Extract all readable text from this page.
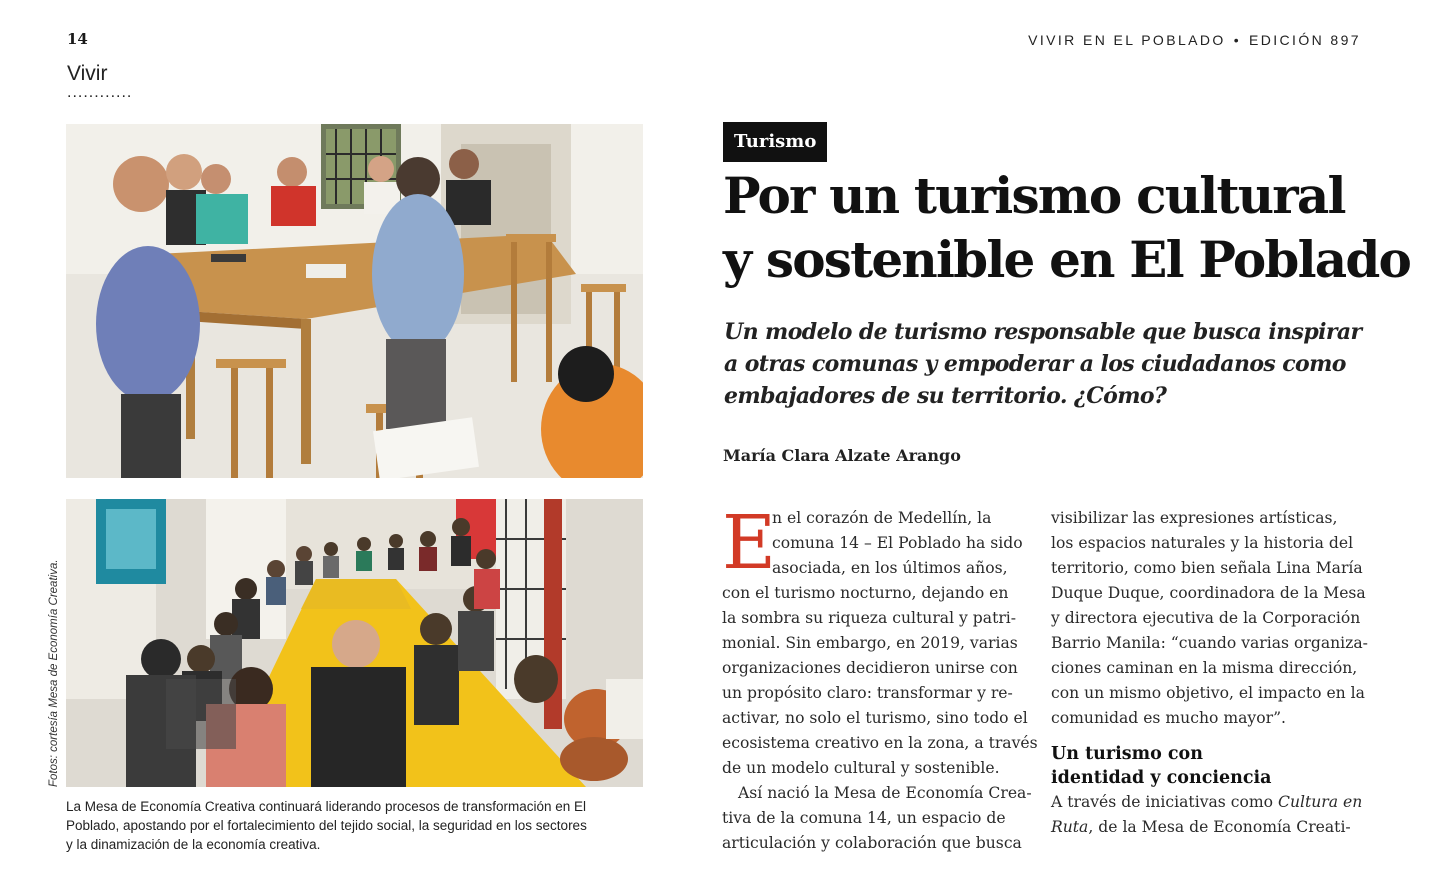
14
Vivir
............
VIVIR EN EL POBLADO • EDICIÓN 897
Fotos: cortesía Mesa de Economía Creativa.
La Mesa de Economía Creativa continuará liderando procesos de transformación en El
Poblado, apostando por el fortalecimiento del tejido social, la seguridad en los sectores
y la dinamización de la economía creativa.
Turismo
Por un turismo cultural
y sostenible en El Poblado
Un modelo de turismo responsable que busca inspirar
a otras comunas y empoderar a los ciudadanos como
embajadores de su territorio. ¿Cómo?
María Clara Alzate Arango
E
n el corazón de Medellín, la
comuna 14 – El Poblado ha sido
asociada, en los últimos años,
con el turismo nocturno, dejando en
la sombra su riqueza cultural y patri-
monial. Sin embargo, en 2019, varias
organizaciones decidieron unirse con
un propósito claro: transformar y re-
activar, no solo el turismo, sino todo el
ecosistema creativo en la zona, a través
de un modelo cultural y sostenible.
Así nació la Mesa de Economía Crea-
tiva de la comuna 14, un espacio de
articulación y colaboración que busca
visibilizar las expresiones artísticas,
los espacios naturales y la historia del
territorio, como bien señala Lina María
Duque Duque, coordinadora de la Mesa
y directora ejecutiva de la Corporación
Barrio Manila: “cuando varias organiza-
ciones caminan en la misma dirección,
con un mismo objetivo, el impacto en la
comunidad es mucho mayor”.
Un turismo con
identidad y conciencia
A través de iniciativas como Cultura en
Ruta, de la Mesa de Economía Creati-
